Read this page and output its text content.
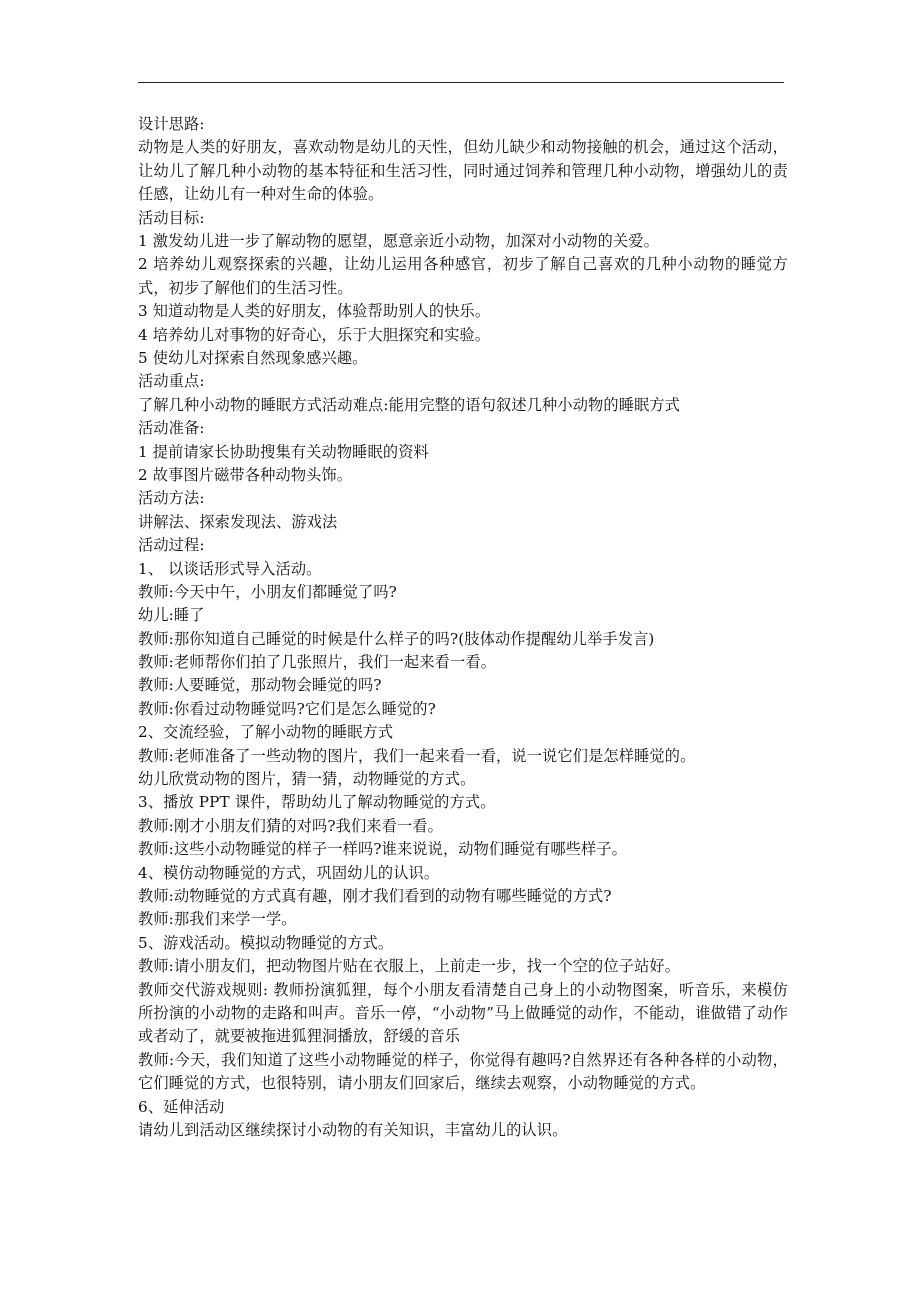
设计思路:
动物是人类的好朋友，喜欢动物是幼儿的天性，但幼儿缺少和动物接触的机会，通过这个活动，让幼儿了解几种小动物的基本特征和生活习性，同时通过饲养和管理几种小动物，增强幼儿的责任感，让幼儿有一种对生命的体验。
活动目标:
1 激发幼儿进一步了解动物的愿望，愿意亲近小动物，加深对小动物的关爱。
2 培养幼儿观察探索的兴趣，让幼儿运用各种感官，初步了解自己喜欢的几种小动物的睡觉方式，初步了解他们的生活习性。
3 知道动物是人类的好朋友，体验帮助别人的快乐。
4 培养幼儿对事物的好奇心，乐于大胆探究和实验。
5 使幼儿对探索自然现象感兴趣。
活动重点:
了解几种小动物的睡眠方式活动难点:能用完整的语句叙述几种小动物的睡眠方式
活动准备:
1 提前请家长协助搜集有关动物睡眠的资料
2 故事图片磁带各种动物头饰。
活动方法:
讲解法、探索发现法、游戏法
活动过程:
1、 以谈话形式导入活动。
教师:今天中午，小朋友们都睡觉了吗?
幼儿:睡了
教师:那你知道自己睡觉的时候是什么样子的吗?(肢体动作提醒幼儿举手发言)
教师:老师帮你们拍了几张照片，我们一起来看一看。
教师:人要睡觉，那动物会睡觉的吗?
教师:你看过动物睡觉吗?它们是怎么睡觉的?
2、交流经验，了解小动物的睡眠方式
教师:老师准备了一些动物的图片，我们一起来看一看，说一说它们是怎样睡觉的。
幼儿欣赏动物的图片，猜一猜，动物睡觉的方式。
3、播放 PPT 课件，帮助幼儿了解动物睡觉的方式。
教师:刚才小朋友们猜的对吗?我们来看一看。
教师:这些小动物睡觉的样子一样吗?谁来说说，动物们睡觉有哪些样子。
4、模仿动物睡觉的方式，巩固幼儿的认识。
教师:动物睡觉的方式真有趣，刚才我们看到的动物有哪些睡觉的方式?
教师:那我们来学一学。
5、游戏活动。模拟动物睡觉的方式。
教师:请小朋友们，把动物图片贴在衣服上，上前走一步，找一个空的位子站好。
教师交代游戏规则: 教师扮演狐狸，每个小朋友看清楚自己身上的小动物图案，听音乐，来模仿所扮演的小动物的走路和叫声。音乐一停，“小动物”马上做睡觉的动作，不能动，谁做错了动作或者动了，就要被拖进狐狸洞播放，舒缓的音乐
教师:今天，我们知道了这些小动物睡觉的样子，你觉得有趣吗?自然界还有各种各样的小动物，它们睡觉的方式，也很特别，请小朋友们回家后，继续去观察，小动物睡觉的方式。
6、延伸活动
请幼儿到活动区继续探讨小动物的有关知识，丰富幼儿的认识。
